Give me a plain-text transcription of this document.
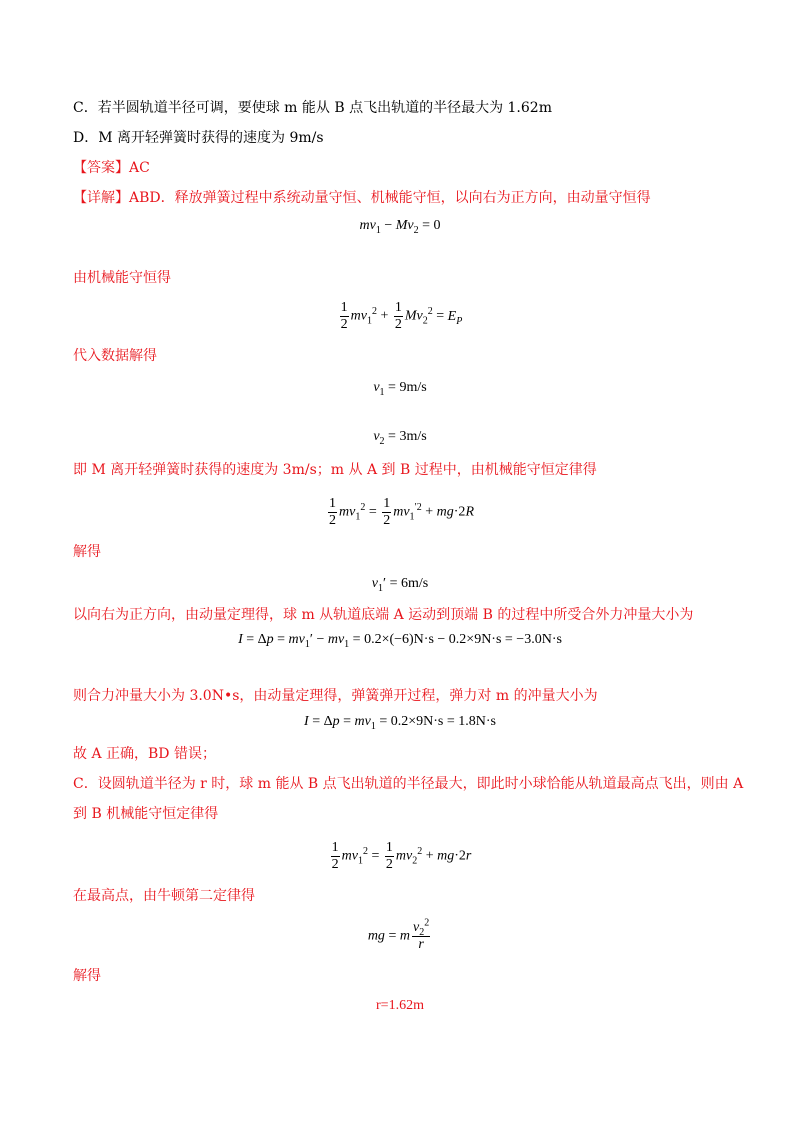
C．若半圆轨道半径可调，要使球 m 能从 B 点飞出轨道的半径最大为 1.62m
D．M 离开轻弹簧时获得的速度为 9m/s
【答案】AC
【详解】ABD．释放弹簧过程中系统动量守恒、机械能守恒，以向右为正方向，由动量守恒得
$mv_1 - Mv_2 = 0$
由机械能守恒得
$\frac{1}{2} mv_1^2 + \frac{1}{2} Mv_2^2 = E_P$
代入数据解得
$v_1 = 9m/s$
$v_2 = 3m/s$
即 M 离开轻弹簧时获得的速度为 3m/s；m 从 A 到 B 过程中，由机械能守恒定律得
$\frac{1}{2} mv_1^2 = \frac{1}{2} mv_1^{'2} + mg\cdot 2R$
解得
$v_1' = 6m/s$
以向右为正方向，由动量定理得，球 m 从轨道底端 A 运动到顶端 B 的过程中所受合外力冲量大小为
$I = \Delta p = mv_1' - mv_1 = 0.2\times(-6)N\cdot s - 0.2\times 9N\cdot s = -3.0N\cdot s$
则合力冲量大小为 3.0N•s，由动量定理得，弹簧弹开过程，弹力对 m 的冲量大小为
$I = \Delta p = mv_1 = 0.2\times 9N\cdot s = 1.8N\cdot s$
故 A 正确，BD 错误；
C．设圆轨道半径为 r 时，球 m 能从 B 点飞出轨道的半径最大，即此时小球恰能从轨道最高点飞出，则由 A
到 B 机械能守恒定律得
$\frac{1}{2} mv_1^2 = \frac{1}{2} mv_2^2 + mg\cdot 2r$
在最高点，由牛顿第二定律得
mg = m $\frac{v_2^2}{r}$
解得
r=1.62m
